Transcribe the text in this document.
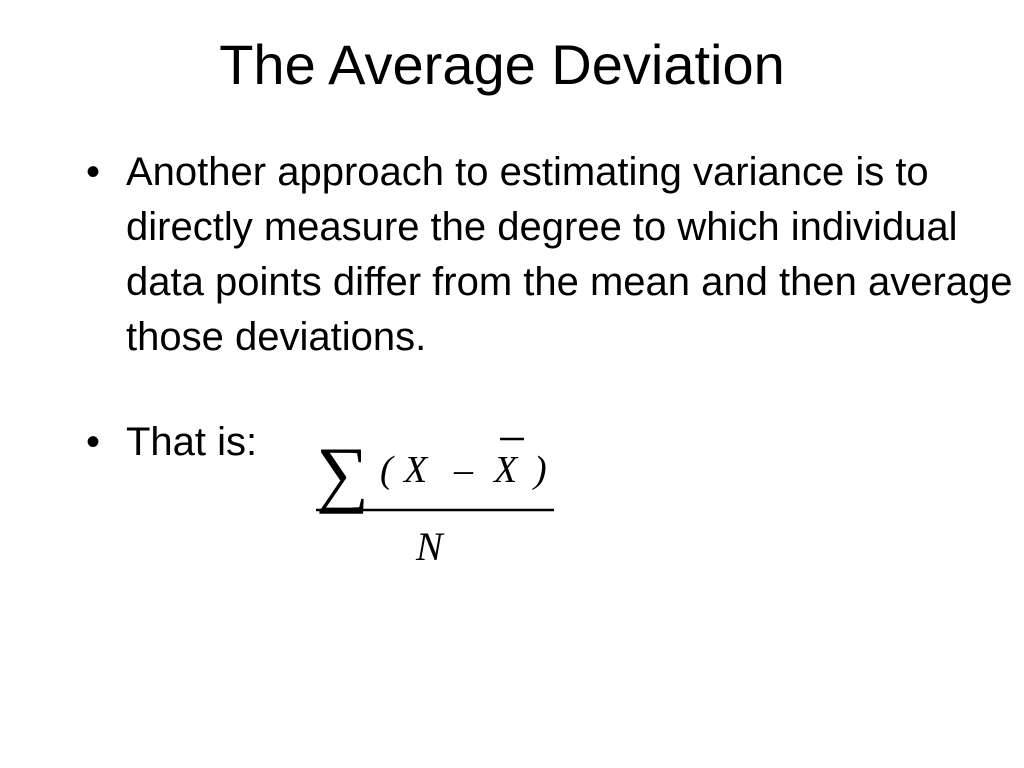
The Average Deviation
• Another approach to estimating variance is to directly measure the degree to which individual data points differ from the mean and then average those deviations.
• That is: ∑ ( X – X )
N
